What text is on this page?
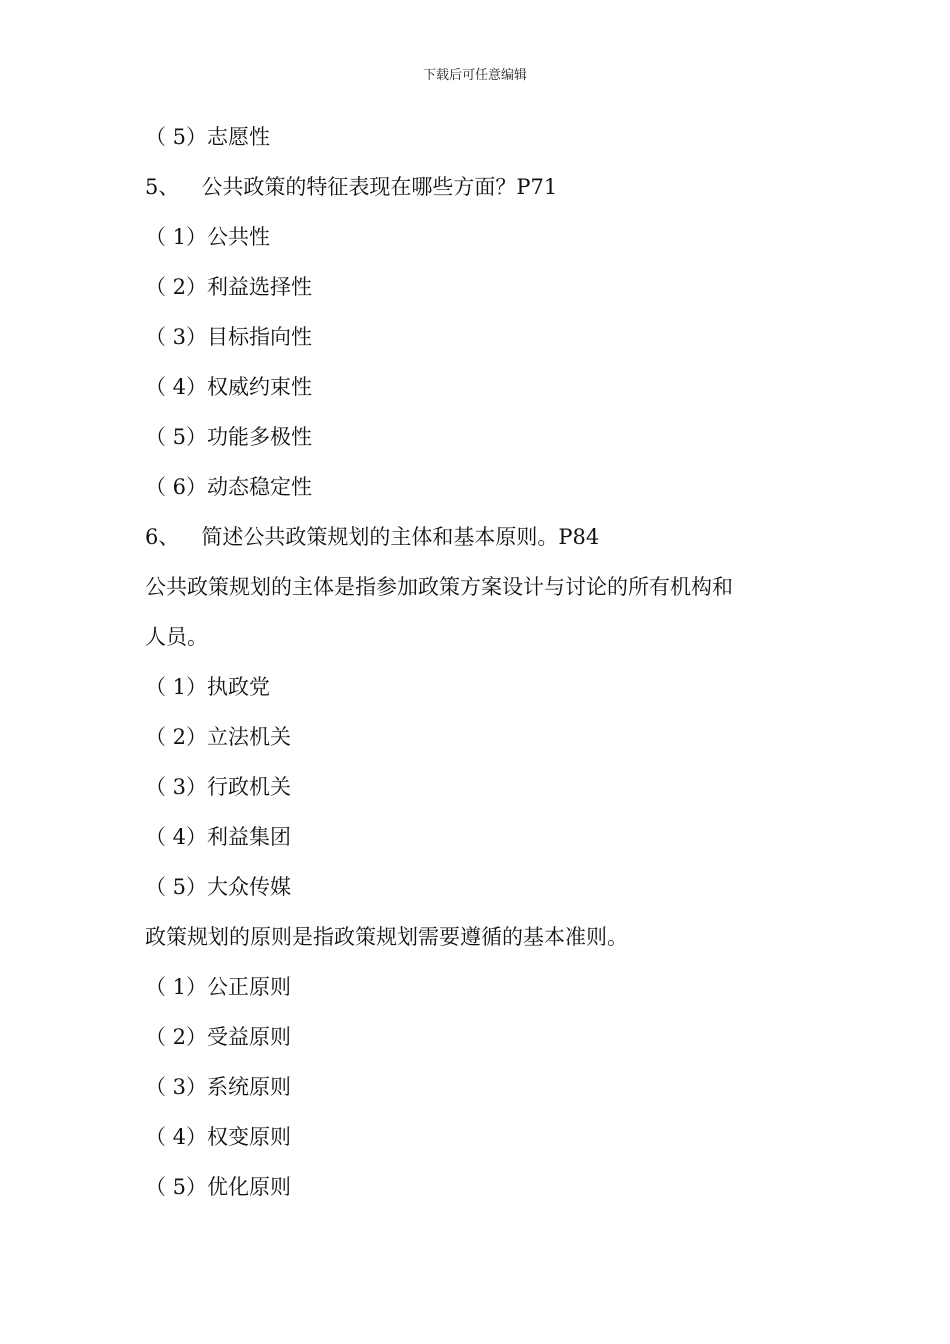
下载后可任意编辑
（ 5）志愿性
5、 公共政策的特征表现在哪些方面？P71
（ 1）公共性
（ 2）利益选择性
（ 3）目标指向性
（ 4）权威约束性
（ 5）功能多极性
（ 6）动态稳定性
6、 简述公共政策规划的主体和基本原则。P84
公共政策规划的主体是指参加政策方案设计与讨论的所有机构和
人员。
（ 1）执政党
（ 2）立法机关
（ 3）行政机关
（ 4）利益集团
（ 5）大众传媒
政策规划的原则是指政策规划需要遵循的基本准则。
（ 1）公正原则
（ 2）受益原则
（ 3）系统原则
（ 4）权变原则
（ 5）优化原则
